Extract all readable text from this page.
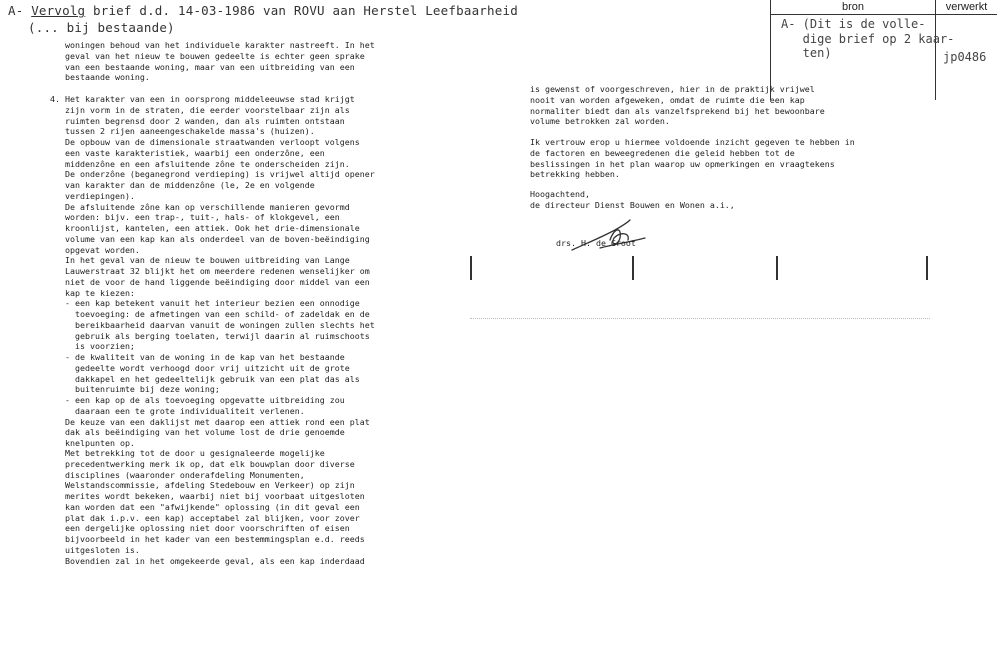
A- Vervolg brief d.d. 14-03-1986 van ROVU aan Herstel Leefbaarheid
(... bij bestaande)
bron	verwerkt
A- (Dit is de volle-
dige brief op 2 kaar-
ten)	jp0486
woningen behoud van het individuele karakter nastreeft. In het
geval van het nieuw te bouwen gedeelte is echter geen sprake
van een bestaande woning, maar van een uitbreiding van een
bestaande woning.
4. Het karakter van een in oorsprong middeleeuwse stad krijgt
zijn vorm in de straten, die eerder voorstelbaar zijn als
ruimten begrensd door 2 wanden, dan als ruimten ontstaan
tussen 2 rijen aaneengeschakelde massa's (huizen).
De opbouw van de dimensionale straatwanden verloopt volgens
een vaste karakteristiek, waarbij een onderzône, een
middenzône en een afsluitende zône te onderscheiden zijn.
De onderzône (beganegrond verdieping) is vrijwel altijd opener
van karakter dan de middenzône (le, 2e en volgende
verdiepingen).
De afsluitende zône kan op verschillende manieren gevormd
worden: bijv. een trap-, tuit-, hals- of klokgevel, een
kroonlijst, kantelen, een attiek. Ook het drie-dimensionale
volume van een kap kan als onderdeel van de boven-beëindiging
opgevat worden.
In het geval van de nieuw te bouwen uitbreiding van Lange
Lauwerstraat 32 blijkt het om meerdere redenen wenselijker om
niet de voor de hand liggende beëindiging door middel van een
kap te kiezen:
- een kap betekent vanuit het interieur bezien een onnodige
toevoeging: de afmetingen van een schild- of zadeldak en de
bereikbaarheid daarvan vanuit de woningen zullen slechts het
gebruik als berging toelaten, terwijl daarin al ruimschoots
is voorzien;
- de kwaliteit van de woning in de kap van het bestaande
gedeelte wordt verhoogd door vrij uitzicht uit de grote
dakkapel en het gedeeltelijk gebruik van een plat das als
buitenruimte bij deze woning;
- een kap op de als toevoeging opgevatte uitbreiding zou
daaraan een te grote individualiteit verlenen.
De keuze van een daklijst met daarop een attiek rond een plat
dak als beëindiging van het volume lost de drie genoemde
knelpunten op.
Met betrekking tot de door u gesignaleerde mogelijke
precedentwerking merk ik op, dat elk bouwplan door diverse
disciplines (waaronder onderafdeling Monumenten,
Welstandscommissie, afdeling Stedebouw en Verkeer) op zijn
merites wordt bekeken, waarbij niet bij voorbaat uitgesloten
kan worden dat een "afwijkende" oplossing (in dit geval een
plat dak i.p.v. een kap) acceptabel zal blijken, voor zover
een dergelijke oplossing niet door voorschriften of eisen
bijvoorbeeld in het kader van een bestemmingsplan e.d. reeds
uitgesloten is.
Bovendien zal in het omgekeerde geval, als een kap inderdaad
is gewenst of voorgeschreven, hier in de praktijk vrijwel
nooit van worden afgeweken, omdat de ruimte die een kap
normaliter biedt dan als vanzelfsprekend bij het bewoonbare
volume betrokken zal worden.
Ik vertrouw erop u hiermee voldoende inzicht gegeven te hebben in
de factoren en beweegredenen die geleid hebben tot de
beslissingen in het plan waarop uw opmerkingen en vraagtekens
betrekking hebben.
Hoogachtend,
de directeur Dienst Bouwen en Wonen a.i.,
drs. H. de Groot
